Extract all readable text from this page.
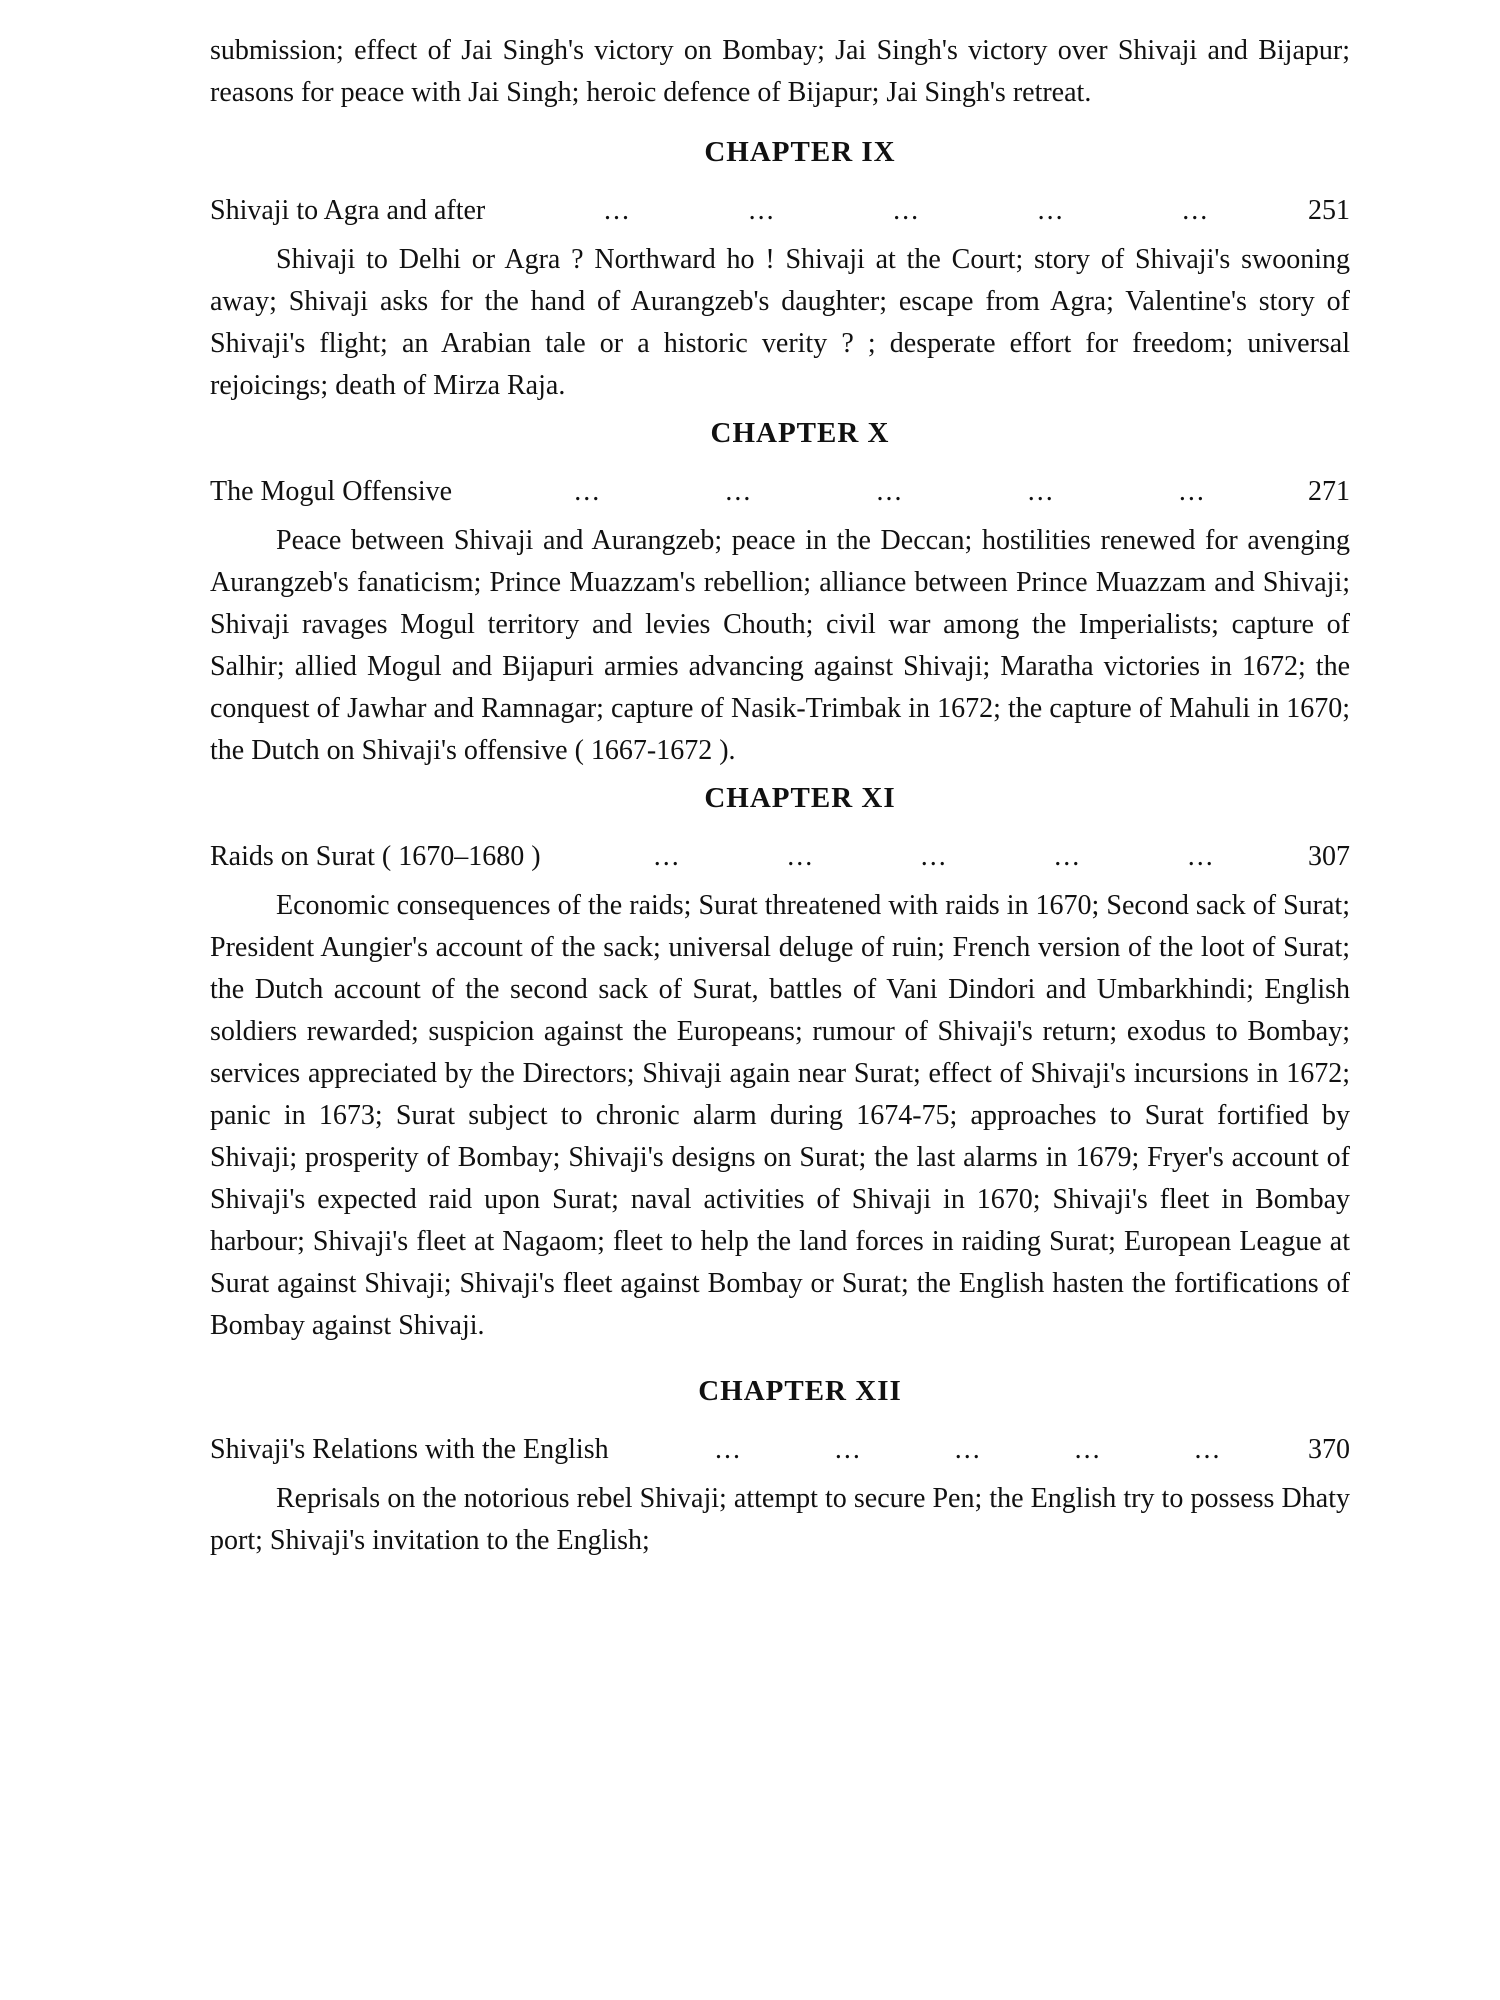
submission; effect of Jai Singh's victory on Bombay; Jai Singh's victory over Shivaji and Bijapur; reasons for peace with Jai Singh; heroic defence of Bijapur; Jai Singh's retreat.

CHAPTER IX
Shivaji to Agra and after	...	...	...	...	...	251

Shivaji to Delhi or Agra ? Northward ho ! Shivaji at the Court; story of Shivaji's swooning away; Shivaji asks for the hand of Aurangzeb's daughter; escape from Agra; Valentine's story of Shivaji's flight; an Arabian tale or a historic verity ? ; desperate effort for freedom; universal rejoicings; death of Mirza Raja.

CHAPTER X
The Mogul Offensive	...	...	...	...	...	271

Peace between Shivaji and Aurangzeb; peace in the Deccan; hostilities renewed for avenging Aurangzeb's fanaticism; Prince Muazzam's rebellion; alliance between Prince Muazzam and Shivaji; Shivaji ravages Mogul territory and levies Chouth; civil war among the Imperialists; capture of Salhir; allied Mogul and Bijapuri armies advancing against Shivaji; Maratha victories in 1672; the conquest of Jawhar and Ramnagar; capture of Nasik-Trimbak in 1672; the capture of Mahuli in 1670; the Dutch on Shivaji's offensive ( 1667-1672 ).

CHAPTER XI
Raids on Surat ( 1670–1680 )	...	...	...	...	...	307

Economic consequences of the raids; Surat threatened with raids in 1670; Second sack of Surat; President Aungier's account of the sack; universal deluge of ruin; French version of the loot of Surat; the Dutch account of the second sack of Surat, battles of Vani Dindori and Umbarkhindi; English soldiers rewarded; suspicion against the Europeans; rumour of Shivaji's return; exodus to Bombay; services appreciated by the Directors; Shivaji again near Surat; effect of Shivaji's incursions in 1672; panic in 1673; Surat subject to chronic alarm during 1674-75; approaches to Surat fortified by Shivaji; prosperity of Bombay; Shivaji's designs on Surat; the last alarms in 1679; Fryer's account of Shivaji's expected raid upon Surat; naval activities of Shivaji in 1670; Shivaji's fleet in Bombay harbour; Shivaji's fleet at Nagaom; fleet to help the land forces in raiding Surat; European League at Surat against Shivaji; Shivaji's fleet against Bombay or Surat; the English hasten the fortifications of Bombay against Shivaji.

CHAPTER XII
Shivaji's Relations with the English	...	...	...	...	...	370

Reprisals on the notorious rebel Shivaji; attempt to secure Pen; the English try to possess Dhaty port; Shivaji's invitation to the English;
